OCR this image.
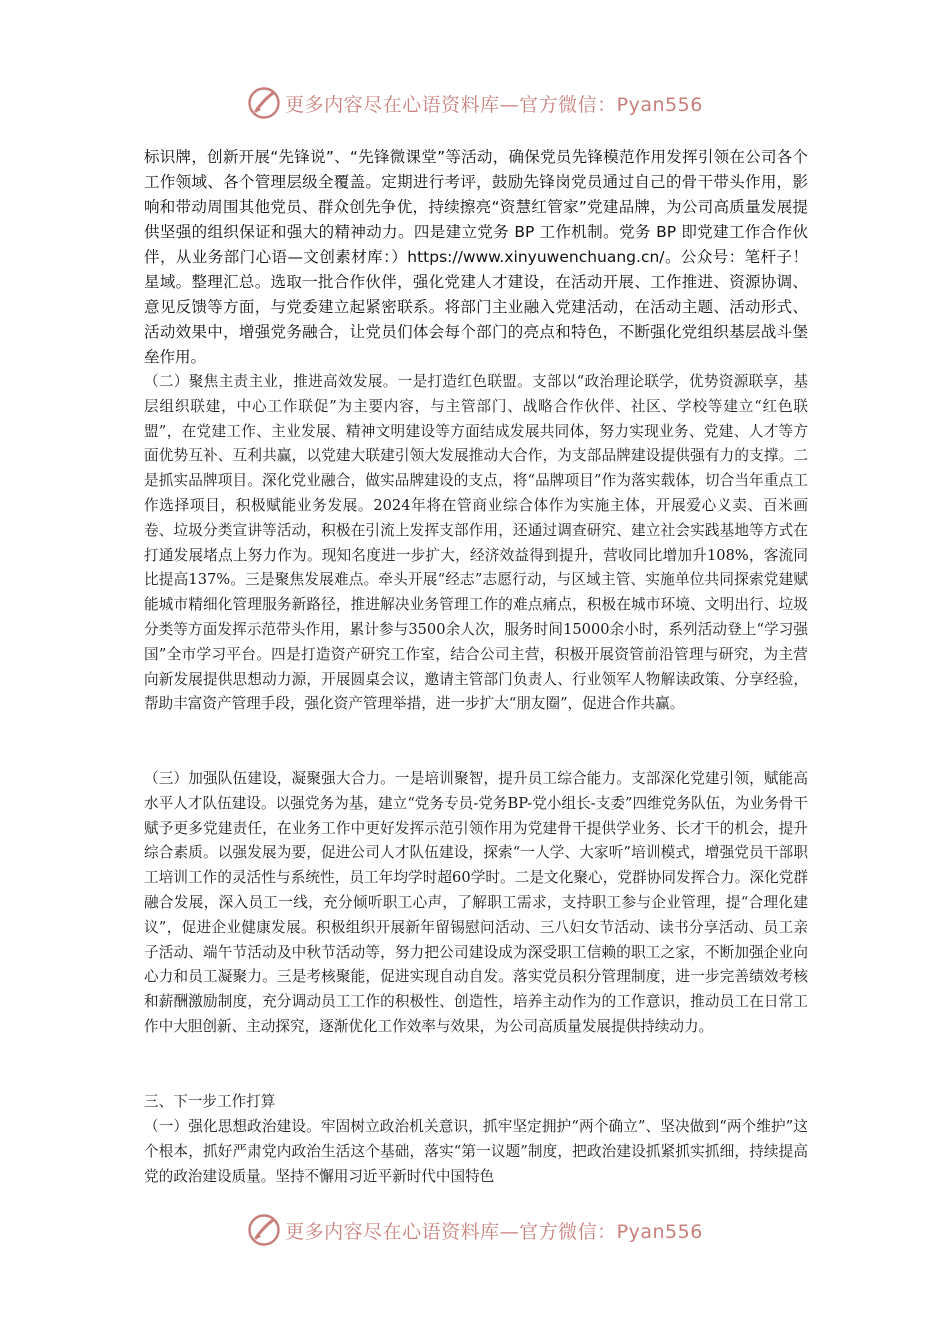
更多内容尽在心语资料库—官方微信：Pyan556

标识牌，创新开展“先锋说”、“先锋微课堂”等活动，确保党员先锋模范作用发挥引领在公司各个工作领域、各个管理层级全覆盖。定期进行考评，鼓励先锋岗党员通过自己的骨干带头作用，影响和带动周围其他党员、群众创先争优，持续擦亮“资慧红管家”党建品牌，为公司高质量发展提供坚强的组织保证和强大的精神动力。四是建立党务 BP 工作机制。党务 BP 即党建工作合作伙伴，从业务部门心语—文创素材库：）https://www.xinyuwenchuang.cn/。公众号：笔杆子！星域。整理汇总。选取一批合作伙伴，强化党建人才建设，在活动开展、工作推进、资源协调、意见反馈等方面，与党委建立起紧密联系。将部门主业融入党建活动，在活动主题、活动形式、活动效果中，增强党务融合，让党员们体会每个部门的亮点和特色，不断强化党组织基层战斗堡垒作用。

（二）聚焦主责主业，推进高效发展。一是打造红色联盟。支部以“政治理论联学，优势资源联享，基层组织联建，中心工作联促”为主要内容，与主管部门、战略合作伙伴、社区、学校等建立“红色联盟”，在党建工作、主业发展、精神文明建设等方面结成发展共同体，努力实现业务、党建、人才等方面优势互补、互利共赢，以党建大联建引领大发展推动大合作，为支部品牌建设提供强有力的支撑。二是抓实品牌项目。深化党业融合，做实品牌建设的支点，将“品牌项目”作为落实载体，切合当年重点工作选择项目，积极赋能业务发展。2024年将在管商业综合体作为实施主体，开展爱心义卖、百米画卷、垃圾分类宣讲等活动，积极在引流上发挥支部作用，还通过调查研究、建立社会实践基地等方式在打通发展堵点上努力作为。现知名度进一步扩大，经济效益得到提升，营收同比增加升108%，客流同比提高137%。三是聚焦发展难点。牵头开展“经志”志愿行动，与区域主管、实施单位共同探索党建赋能城市精细化管理服务新路径，推进解决业务管理工作的难点痛点，积极在城市环境、文明出行、垃圾分类等方面发挥示范带头作用，累计参与3500余人次，服务时间15000余小时，系列活动登上“学习强国”全市学习平台。四是打造资产研究工作室，结合公司主营，积极开展资管前沿管理与研究，为主营向新发展提供思想动力源，开展圆桌会议，邀请主管部门负责人、行业领军人物解读政策、分享经验，帮助丰富资产管理手段，强化资产管理举措，进一步扩大“朋友圈”，促进合作共赢。

（三）加强队伍建设，凝聚强大合力。一是培训聚智，提升员工综合能力。支部深化党建引领，赋能高水平人才队伍建设。以强党务为基，建立“党务专员-党务BP-党小组长-支委”四维党务队伍，为业务骨干赋予更多党建责任，在业务工作中更好发挥示范引领作用为党建骨干提供学业务、长才干的机会，提升综合素质。以强发展为要，促进公司人才队伍建设，探索“一人学、大家听”培训模式，增强党员干部职工培训工作的灵活性与系统性，员工年均学时超60学时。二是文化聚心，党群协同发挥合力。深化党群融合发展，深入员工一线，充分倾听职工心声，了解职工需求，支持职工参与企业管理，提“合理化建议”，促进企业健康发展。积极组织开展新年留锡慰问活动、三八妇女节活动、读书分享活动、员工亲子活动、端午节活动及中秋节活动等，努力把公司建设成为深受职工信赖的职工之家，不断加强企业向心力和员工凝聚力。三是考核聚能，促进实现自动自发。落实党员积分管理制度，进一步完善绩效考核和薪酬激励制度，充分调动员工工作的积极性、创造性，培养主动作为的工作意识，推动员工在日常工作中大胆创新、主动探究，逐渐优化工作效率与效果，为公司高质量发展提供持续动力。

三、下一步工作打算

（一）强化思想政治建设。牢固树立政治机关意识，抓牢坚定拥护“两个确立”、坚决做到“两个维护”这个根本，抓好严肃党内政治生活这个基础，落实“第一议题”制度，把政治建设抓紧抓实抓细，持续提高党的政治建设质量。坚持不懈用习近平新时代中国特色

更多内容尽在心语资料库—官方微信：Pyan556
